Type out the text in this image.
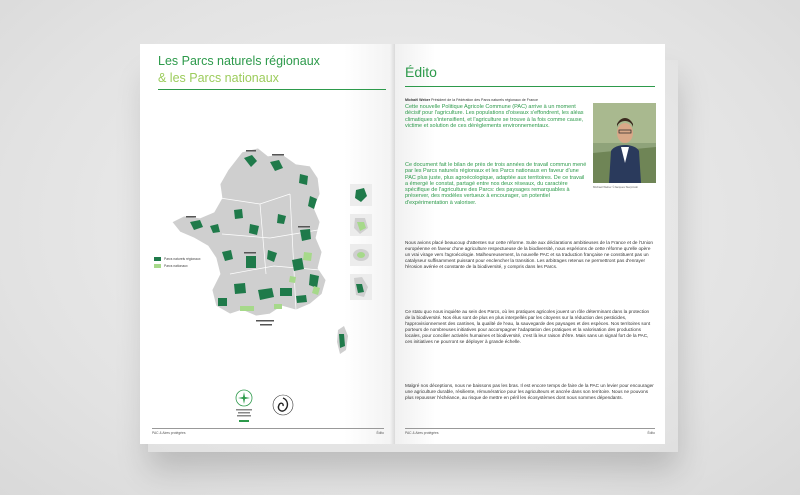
Les Parcs naturels régionaux
& les Parcs nationaux
Parcs naturels régionaux
Parcs nationaux
PAC & Aires protégées	Édito
Édito
Michaël Weber Président de la Fédération des Parcs naturels régionaux de France
Cette nouvelle Politique Agricole Commune (PAC) arrive à un moment décisif pour l'agriculture. Les populations d'oiseaux s'effondrent, les aléas climatiques s'intensifient, et l'agriculture se trouve à la fois comme cause, victime et solution de ces dérèglements environnementaux.
Ce document fait le bilan de près de trois années de travail commun mené par les Parcs naturels régionaux et les Parcs nationaux en faveur d'une PAC plus juste, plus agroécologique, adaptée aux territoires. De ce travail a émergé le constat, partagé entre nos deux réseaux, du caractère spécifique de l'agriculture des Parcs: des paysages remarquables à préserver, des modèles vertueux à encourager, un potentiel d'expérimentation à valoriser.
Michaël Weber ©Jacques Sierpinski
Nous avions placé beaucoup d'attentes sur cette réforme. Suite aux déclarations ambitieuses de la France et de l'Union européenne en faveur d'une agriculture respectueuse de la biodiversité, nous espérions de cette réforme qu'elle opère un vrai virage vers l'agroécologie. Malheureusement, la nouvelle PAC et sa traduction française ne constituent pas un catalyseur suffisamment puissant pour enclencher la transition. Les arbitrages retenus ne permettront pas d'enrayer l'érosion avérée et constante de la biodiversité, y compris dans les Parcs.
Ce statu quo nous inquiète au sein des Parcs, où les pratiques agricoles jouent un rôle déterminant dans la protection de la biodiversité. Nos élus sont de plus en plus interpellés par les citoyens sur la réduction des pesticides, l'approvisionnement des cantines, la qualité de l'eau, la sauvegarde des paysages et des espèces. Nos territoires sont porteurs de nombreuses initiatives pour accompagner l'adaptation des pratiques et la valorisation des productions locales, pour concilier activités humaines et biodiversité, c'est là leur raison d'être. Mais sans un signal fort de la PAC, ces initiatives ne pourront se déployer à grande échelle.
Malgré nos déceptions, nous ne baissons pas les bras. Il est encore temps de faire de la PAC un levier pour encourager une agriculture durable, résiliente, rémunératrice pour les agriculteurs et ancrée dans son territoire. Nous ne pouvons plus repousser l'échéance, au risque de mettre en péril les écosystèmes dont nous sommes dépendants.
PAC & Aires protégées	Édito
